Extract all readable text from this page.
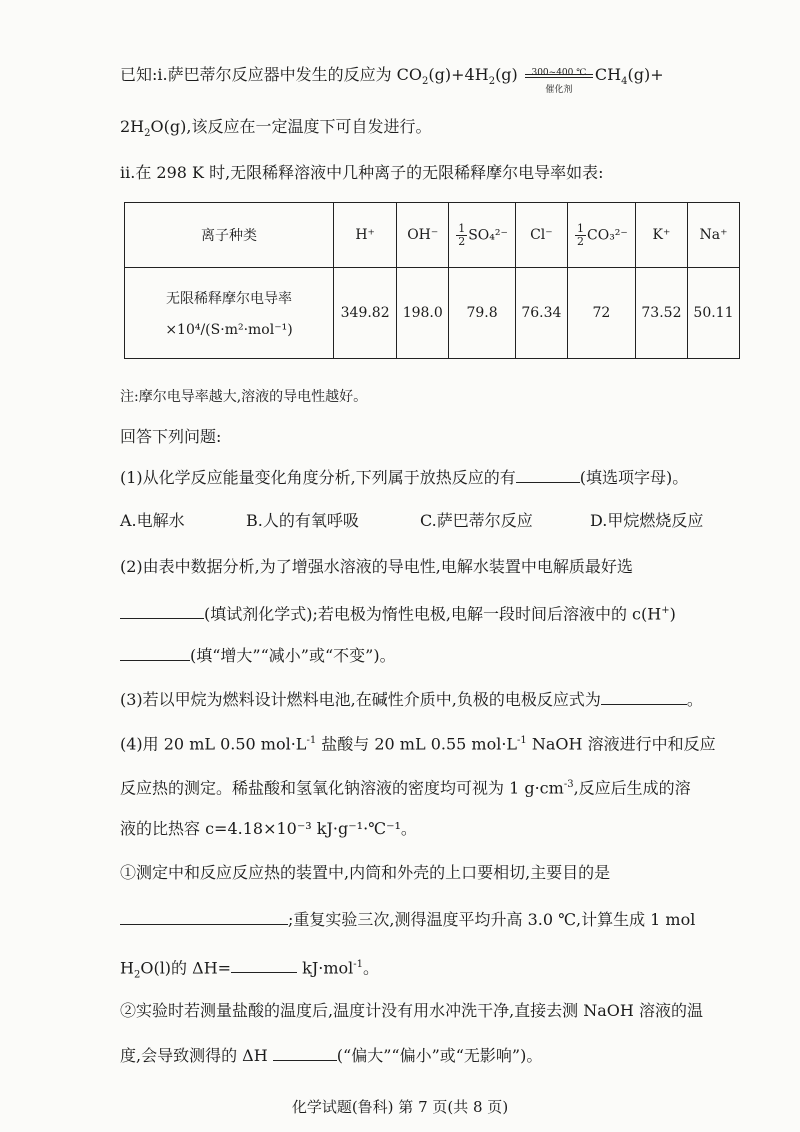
已知:i.萨巴蒂尔反应器中发生的反应为 $CO_2(g)+4H_2(g)$	300~400 ℃
催化剂
$CH_4(g)+$
$2H_2O(g)$,该反应在一定温度下可自发进行。
ii.在 298 K 时,无限稀释溶液中几种离子的无限稀释摩尔电导率如表:
离子种类	H⁺	OH⁻	$\frac{1}{2} SO_4^{2-}$	Cl⁻	$\frac{1}{2} CO_3^{2-}$	K⁺	Na⁺

无限稀释摩尔电导率
×10⁴/(S·m²·mol⁻¹)	349.82	198.0	79.8	76.34	72	73.52	50.11
注:摩尔电导率越大,溶液的导电性越好。
回答下列问题:
(1)从化学反应能量变化角度分析,下列属于放热反应的有	(填选项字母)。
A.电解水	B.人的有氧呼吸	C.萨巴蒂尔反应	D.甲烷燃烧反应
(2)由表中数据分析,为了增强水溶液的导电性,电解水装置中电解质最好选
(填试剂化学式);若电极为惰性电极,电解一段时间后溶液中的 c(H+)
(填“增大”“减小”或“不变”)。
(3)若以甲烷为燃料设计燃料电池,在碱性介质中,负极的电极反应式为	。
(4)用 20 mL 0.50 $mol\cdot L^{-1}$ 盐酸与 20 mL 0.55 $mol\cdot L^{-1}$ NaOH 溶液进行中和反应
反应热的测定。稀盐酸和氢氧化钠溶液的密度均可视为 1 $g\cdot cm^{-3}$,反应后生成的溶
液的比热容 c=4.18×10⁻³ kJ·g⁻¹·℃⁻¹。
①测定中和反应反应热的装置中,内筒和外壳的上口要相切,主要目的是
;重复实验三次,测得温度平均升高 3.0 ℃,计算生成 1 mol
$H_2O(l)$的 ΔH=	kJ·mol$^{-1}$。
②实验时若测量盐酸的温度后,温度计没有用水冲洗干净,直接去测 NaOH 溶液的温
度,会导致测得的 ΔH	(“偏大”“偏小”或“无影响”)。
化学试题(鲁科) 第 7 页(共 8 页)
